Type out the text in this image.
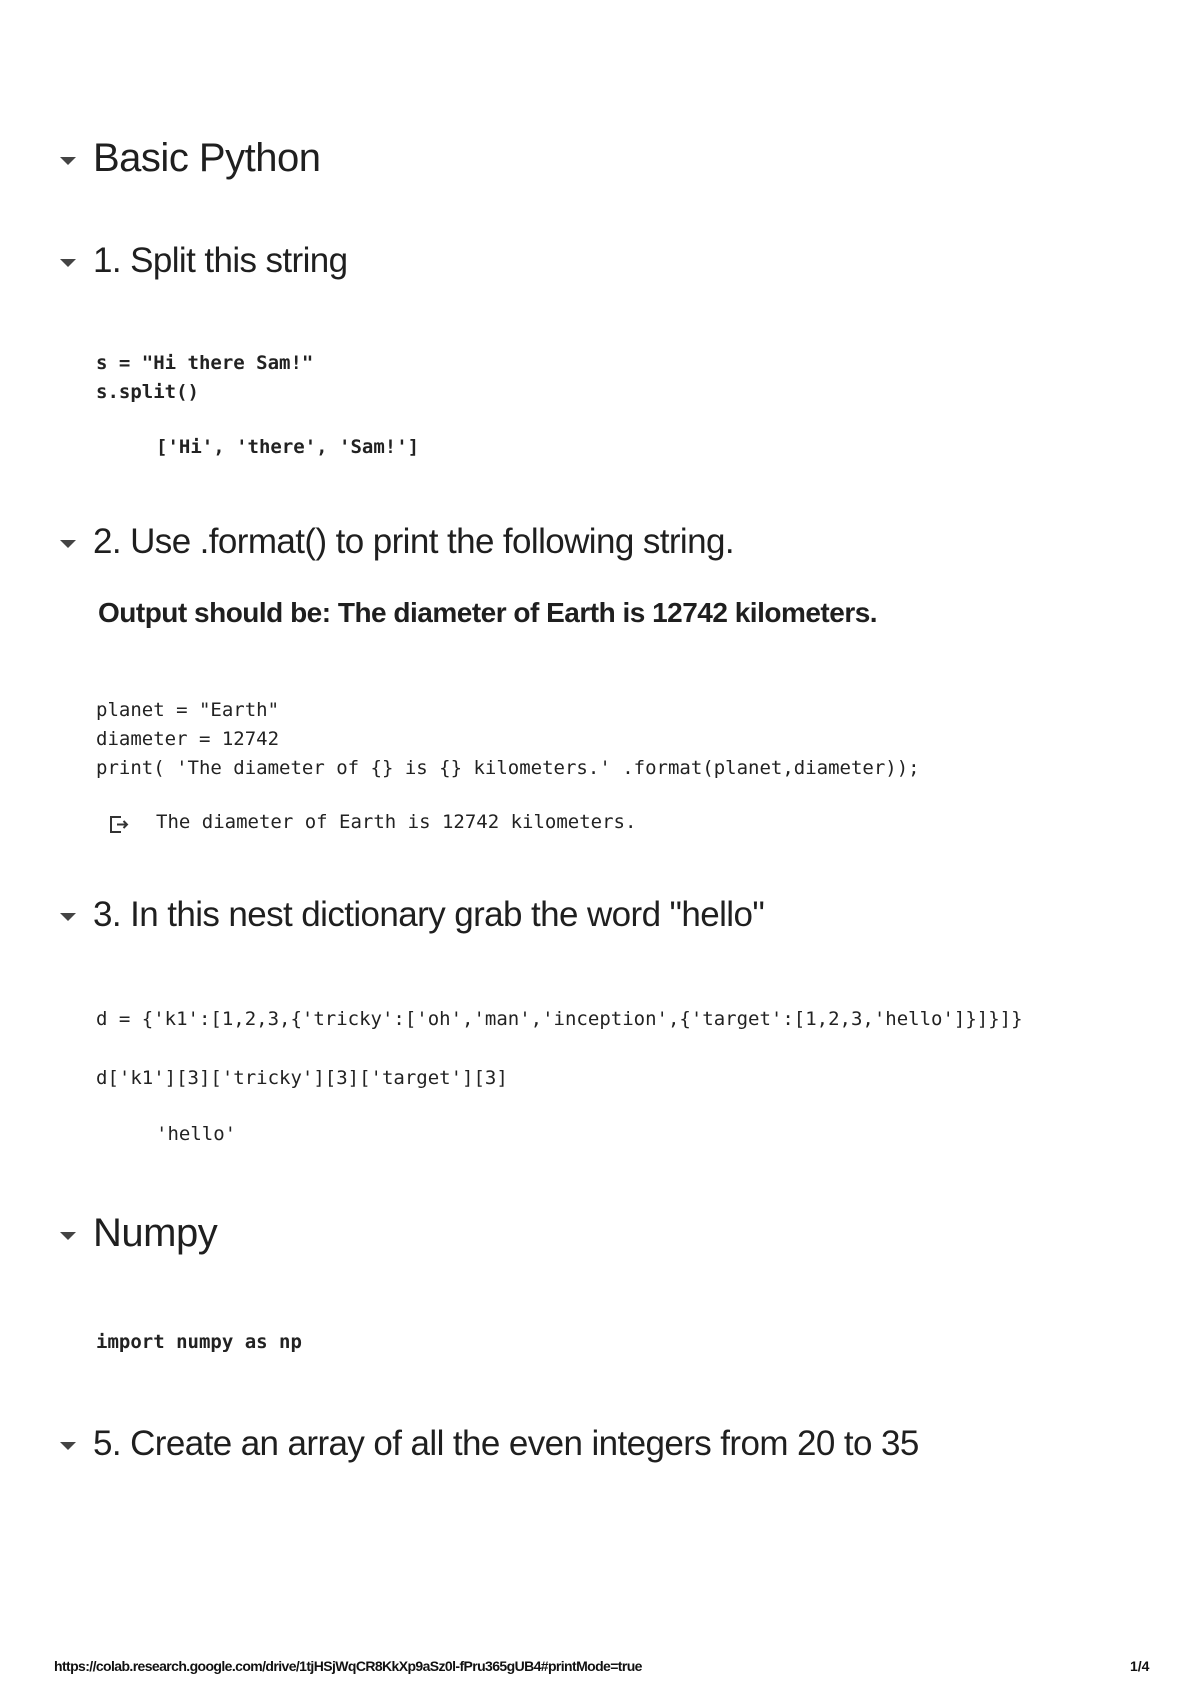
Basic Python
1. Split this string
s = "Hi there Sam!"
s.split()
['Hi', 'there', 'Sam!']
2. Use .format() to print the following string.
Output should be: The diameter of Earth is 12742 kilometers.
planet = "Earth"
diameter = 12742
print( 'The diameter of {} is {} kilometers.' .format(planet,diameter));
The diameter of Earth is 12742 kilometers.
3. In this nest dictionary grab the word "hello"
d = {'k1':[1,2,3,{'tricky':['oh','man','inception',{'target':[1,2,3,'hello']}]}]}
d['k1'][3]['tricky'][3]['target'][3]
'hello'
Numpy
import numpy as np
5. Create an array of all the even integers from 20 to 35
https://colab.research.google.com/drive/1tjHSjWqCR8KkXp9aSz0l-fPru365gUB4#printMode=true	1/4
